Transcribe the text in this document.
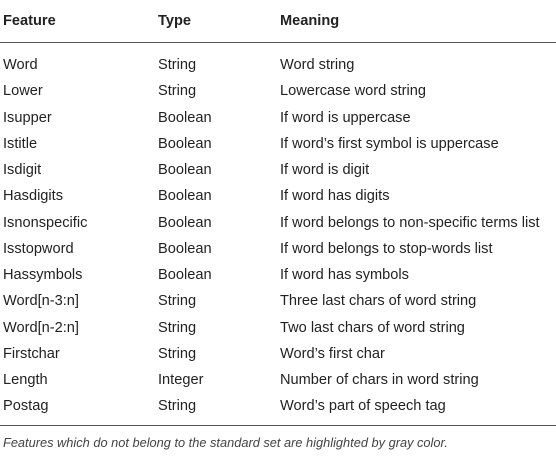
Feature	Type	Meaning
Word	String	Word string
Lower	String	Lowercase word string
Isupper	Boolean	If word is uppercase
Istitle	Boolean	If word’s first symbol is uppercase
Isdigit	Boolean	If word is digit
Hasdigits	Boolean	If word has digits
Isnonspecific	Boolean	If word belongs to non-specific terms list
Isstopword	Boolean	If word belongs to stop-words list
Hassymbols	Boolean	If word has symbols
Word[n-3:n]	String	Three last chars of word string
Word[n-2:n]	String	Two last chars of word string
Firstchar	String	Word’s first char
Length	Integer	Number of chars in word string
Postag	String	Word’s part of speech tag
Features which do not belong to the standard set are highlighted by gray color.
